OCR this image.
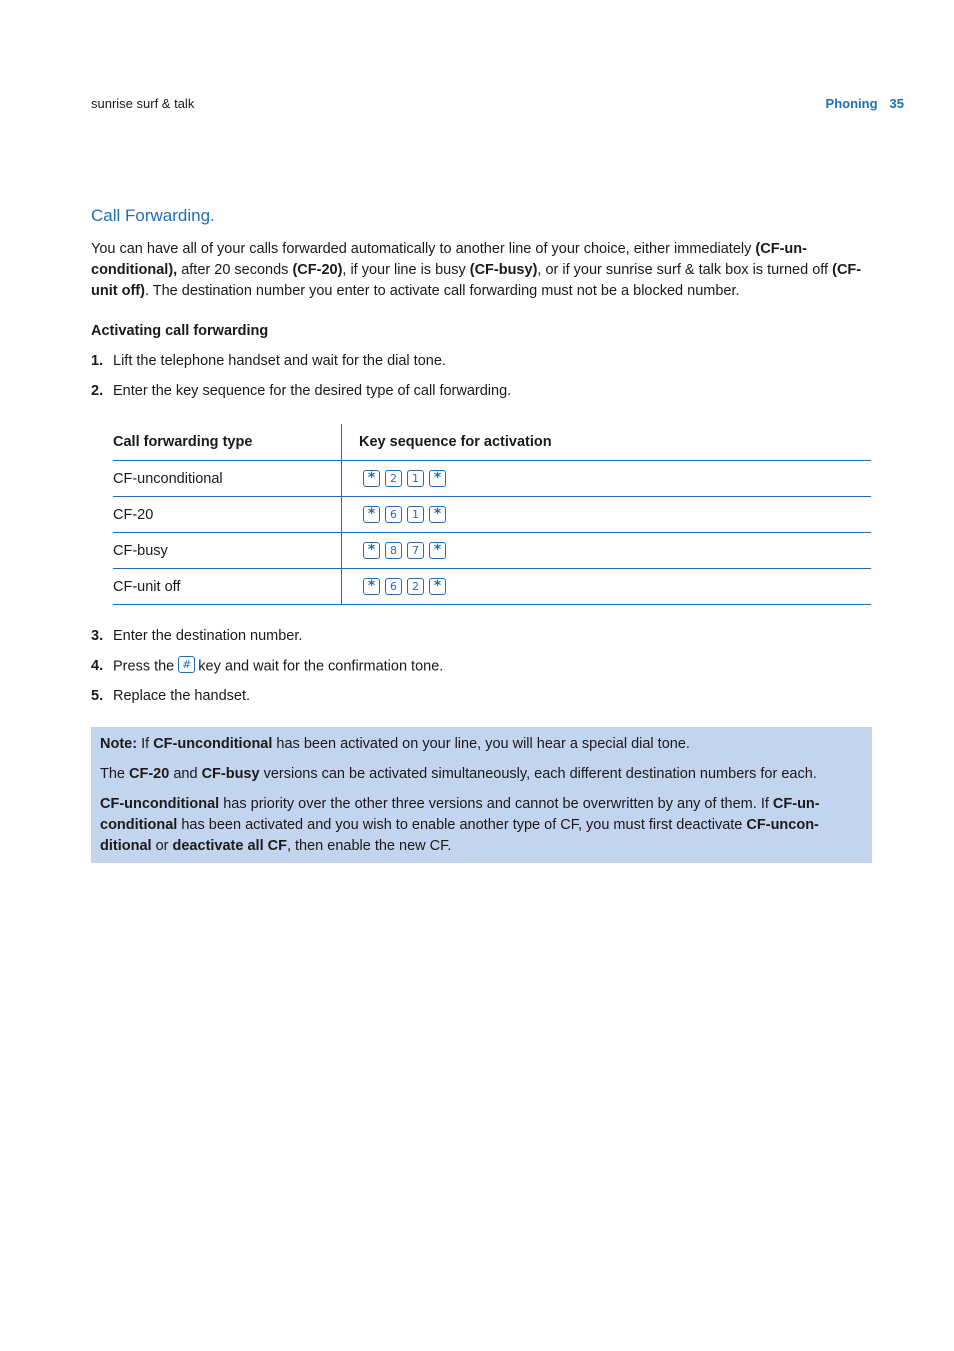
sunrise surf & talk	Phoning 35
Call Forwarding.

You can have all of your calls forwarded automatically to another line of your choice, either immediately (CF-un-conditional), after 20 seconds (CF-20), if your line is busy (CF-busy), or if your sunrise surf & talk box is turned off (CF-unit off). The destination number you enter to activate call forwarding must not be a blocked number.

Activating call forwarding

1. Lift the telephone handset and wait for the dial tone.
2. Enter the key sequence for the desired type of call forwarding.
Call forwarding type	Key sequence for activation
CF-unconditional	* 2 1 *
CF-20	* 6 1 *
CF-busy	* 8 7 *
CF-unit off	* 6 2 *
3. Enter the destination number.
4. Press the # key and wait for the confirmation tone.
5. Replace the handset.

Note: If CF-unconditional has been activated on your line, you will hear a special dial tone.

The CF-20 and CF-busy versions can be activated simultaneously, each different destination numbers for each.

CF-unconditional has priority over the other three versions and cannot be overwritten by any of them. If CF-un-conditional has been activated and you wish to enable another type of CF, you must first deactivate CF-uncon-ditional or deactivate all CF, then enable the new CF.
